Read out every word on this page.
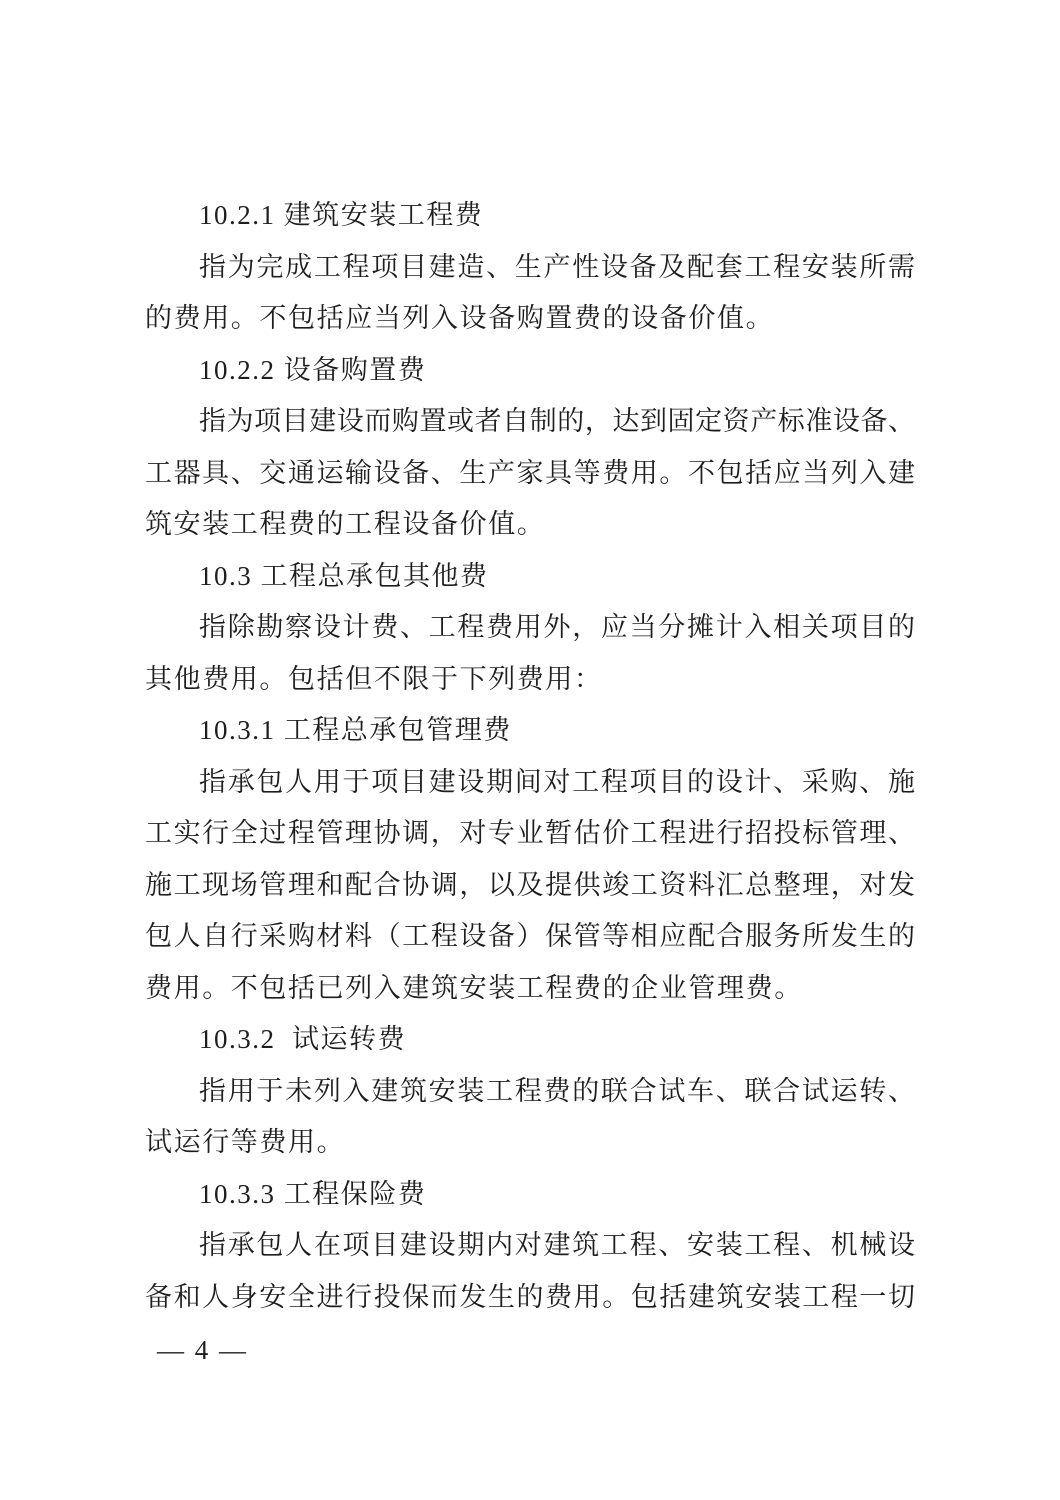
10.2.1 建筑安装工程费
指为完成工程项目建造、生产性设备及配套工程安装所需
的费用。不包括应当列入设备购置费的设备价值。
10.2.2 设备购置费
指为项目建设而购置或者自制的，达到固定资产标准设备、
工器具、交通运输设备、生产家具等费用。不包括应当列入建
筑安装工程费的工程设备价值。
10.3 工程总承包其他费
指除勘察设计费、工程费用外，应当分摊计入相关项目的
其他费用。包括但不限于下列费用：
10.3.1 工程总承包管理费
指承包人用于项目建设期间对工程项目的设计、采购、施
工实行全过程管理协调，对专业暂估价工程进行招投标管理、
施工现场管理和配合协调，以及提供竣工资料汇总整理，对发
包人自行采购材料（工程设备）保管等相应配合服务所发生的
费用。不包括已列入建筑安装工程费的企业管理费。
10.3.2  试运转费
指用于未列入建筑安装工程费的联合试车、联合试运转、
试运行等费用。
10.3.3 工程保险费
指承包人在项目建设期内对建筑工程、安装工程、机械设
备和人身安全进行投保而发生的费用。包括建筑安装工程一切
— 4 —
